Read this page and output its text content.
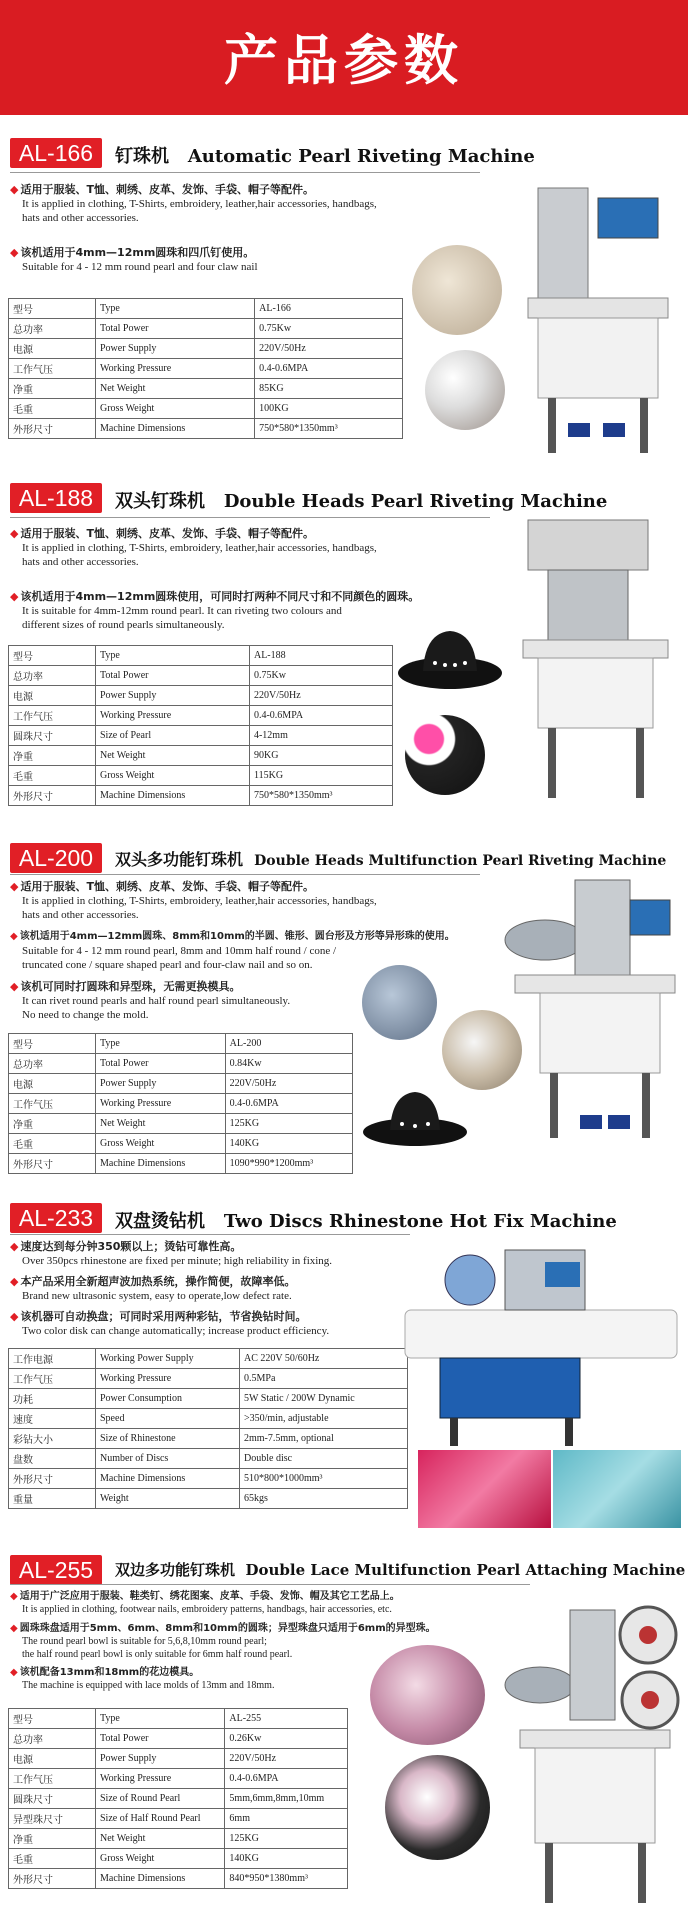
产品参数
AL-166	钉珠机 Automatic Pearl Riveting Machine
◆ 适用于服装、T恤、刺绣、皮革、发饰、手袋、帽子等配件。
It is applied in clothing, T-Shirts, embroidery, leather,hair accessories, handbags,
hats and other accessories.
◆ 该机适用于4mm—12mm圆珠和四爪钉使用。
Suitable for 4 - 12 mm round pearl and four claw nail
型号	Type	AL-166
总功率	Total Power	0.75Kw
电源	Power Supply	220V/50Hz
工作气压	Working Pressure	0.4-0.6MPA
净重	Net Weight	85KG
毛重	Gross Weight	100KG
外形尺寸	Machine Dimensions	750*580*1350mm³
AL-188	双头钉珠机 Double Heads Pearl Riveting Machine
◆ 适用于服装、T恤、刺绣、皮革、发饰、手袋、帽子等配件。
It is applied in clothing, T-Shirts, embroidery, leather,hair accessories, handbags,
hats and other accessories.
◆ 该机适用于4mm—12mm圆珠使用，可同时打两种不同尺寸和不同颜色的圆珠。
It is suitable for 4mm-12mm round pearl. It can riveting two colours and
different sizes of round pearls simultaneously.
型号	Type	AL-188
总功率	Total Power	0.75Kw
电源	Power Supply	220V/50Hz
工作气压	Working Pressure	0.4-0.6MPA
圆珠尺寸	Size of Pearl	4-12mm
净重	Net Weight	90KG
毛重	Gross Weight	115KG
外形尺寸	Machine Dimensions	750*580*1350mm³
AL-200	双头多功能钉珠机 Double Heads Multifunction Pearl Riveting Machine
◆ 适用于服装、T恤、刺绣、皮革、发饰、手袋、帽子等配件。
It is applied in clothing, T-Shirts, embroidery, leather,hair accessories, handbags,
hats and other accessories.
◆ 该机适用于4mm—12mm圆珠、8mm和10mm的半圆、锥形、圆台形及方形等异形珠的使用。
Suitable for 4 - 12 mm round pearl, 8mm and 10mm half round / cone /
truncated cone / square shaped pearl and four-claw nail and so on.
◆ 该机可同时打圆珠和异型珠，无需更换模具。
It can rivet round pearls and half round pearl simultaneously.
No need to change the mold.
型号	Type	AL-200
总功率	Total Power	0.84Kw
电源	Power Supply	220V/50Hz
工作气压	Working Pressure	0.4-0.6MPA
净重	Net Weight	125KG
毛重	Gross Weight	140KG
外形尺寸	Machine Dimensions	1090*990*1200mm³
AL-233	双盘烫钻机 Two Discs Rhinestone Hot Fix Machine
◆ 速度达到每分钟350颗以上；烫钻可靠性高。
Over 350pcs rhinestone are fixed per minute; high reliability in fixing.
◆ 本产品采用全新超声波加热系统，操作简便，故障率低。
Brand new ultrasonic system, easy to operate,low defect rate.
◆ 该机器可自动换盘；可同时采用两种彩钻，节省换钻时间。
Two color disk can change automatically; increase product efficiency.
工作电源	Working Power Supply	AC 220V 50/60Hz
工作气压	Working Pressure	0.5MPa
功耗	Power Consumption	5W Static / 200W Dynamic
速度	Speed	>350/min, adjustable
彩钻大小	Size of Rhinestone	2mm-7.5mm, optional
盘数	Number of Discs	Double disc
外形尺寸	Machine Dimensions	510*800*1000mm³
重量	Weight	65kgs
AL-255	双边多功能钉珠机 Double Lace Multifunction Pearl Attaching Machine
◆ 适用于广泛应用于服装、鞋类钉、绣花图案、皮革、手袋、发饰、帽及其它工艺品上。
It is applied in clothing, footwear nails, embroidery patterns, handbags, hair accessories, etc.
◆ 圆珠珠盘适用于5mm、6mm、8mm和10mm的圆珠；异型珠盘只适用于6mm的异型珠。
The round pearl bowl is suitable for 5,6,8,10mm round pearl;
the half round pearl bowl is only suitable for 6mm half round pearl.
◆ 该机配备13mm和18mm的花边模具。
The machine is equipped with lace molds of 13mm and 18mm.
型号	Type	AL-255
总功率	Total Power	0.26Kw
电源	Power Supply	220V/50Hz
工作气压	Working Pressure	0.4-0.6MPA
圆珠尺寸	Size of Round Pearl	5mm,6mm,8mm,10mm
异型珠尺寸	Size of Half Round Pearl	6mm
净重	Net Weight	125KG
毛重	Gross Weight	140KG
外形尺寸	Machine Dimensions	840*950*1380mm³
